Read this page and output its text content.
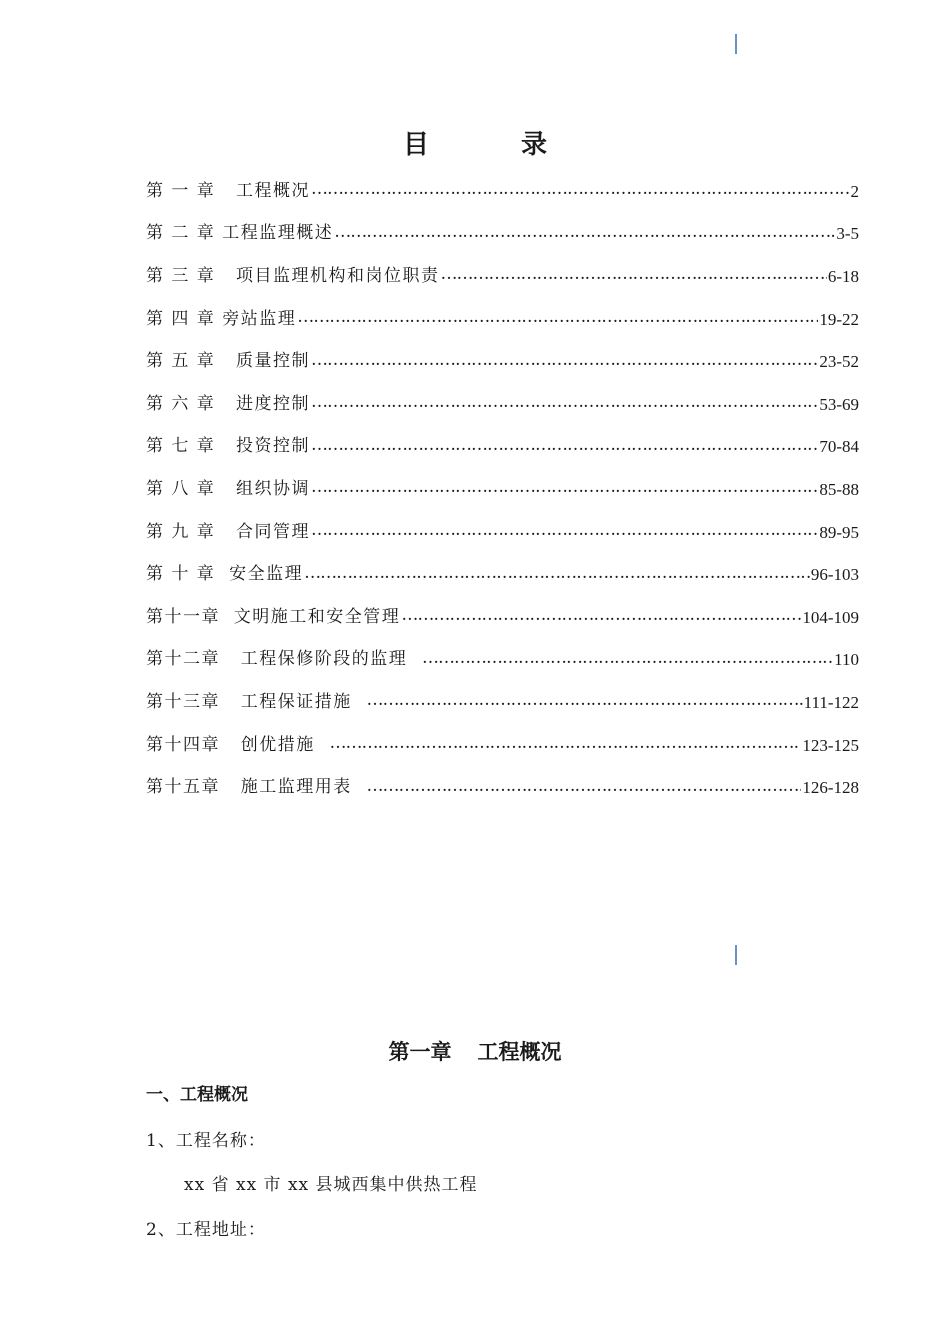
目	录
第 一 章   工程概况 ……………………………………………………………………………………………………………………………………………………………………	2
第 二 章 工程监理概述 ……………………………………………………………………………………………………………………………………………………………………	3-5
第 三 章   项目监理机构和岗位职责 ……………………………………………………………………………………………………………………………………………………………………	6-18
第 四 章 旁站监理 ……………………………………………………………………………………………………………………………………………………………………	19-22
第 五 章   质量控制 ……………………………………………………………………………………………………………………………………………………………………	23-52
第 六 章   进度控制 ……………………………………………………………………………………………………………………………………………………………………	53-69
第 七 章   投资控制 ……………………………………………………………………………………………………………………………………………………………………	70-84
第 八 章   组织协调 ……………………………………………………………………………………………………………………………………………………………………	85-88
第 九 章   合同管理 ……………………………………………………………………………………………………………………………………………………………………	89-95
第 十 章  安全监理 ……………………………………………………………………………………………………………………………………………………………………	96-103
第十一章  文明施工和安全管理 ……………………………………………………………………………………………………………………………………………………………………	104-109
第十二章   工程保修阶段的监理 ……………………………………………………………………………………………………………………………………………………………………	110
第十三章   工程保证措施 ……………………………………………………………………………………………………………………………………………………………………	111-122
第十四章   创优措施 ……………………………………………………………………………………………………………………………………………………………………	123-125
第十五章   施工监理用表 ……………………………………………………………………………………………………………………………………………………………………	126-128
第一章 工程概况
一、工程概况
1、工程名称：
xx 省 xx 市 xx 县城西集中供热工程
2、工程地址：
